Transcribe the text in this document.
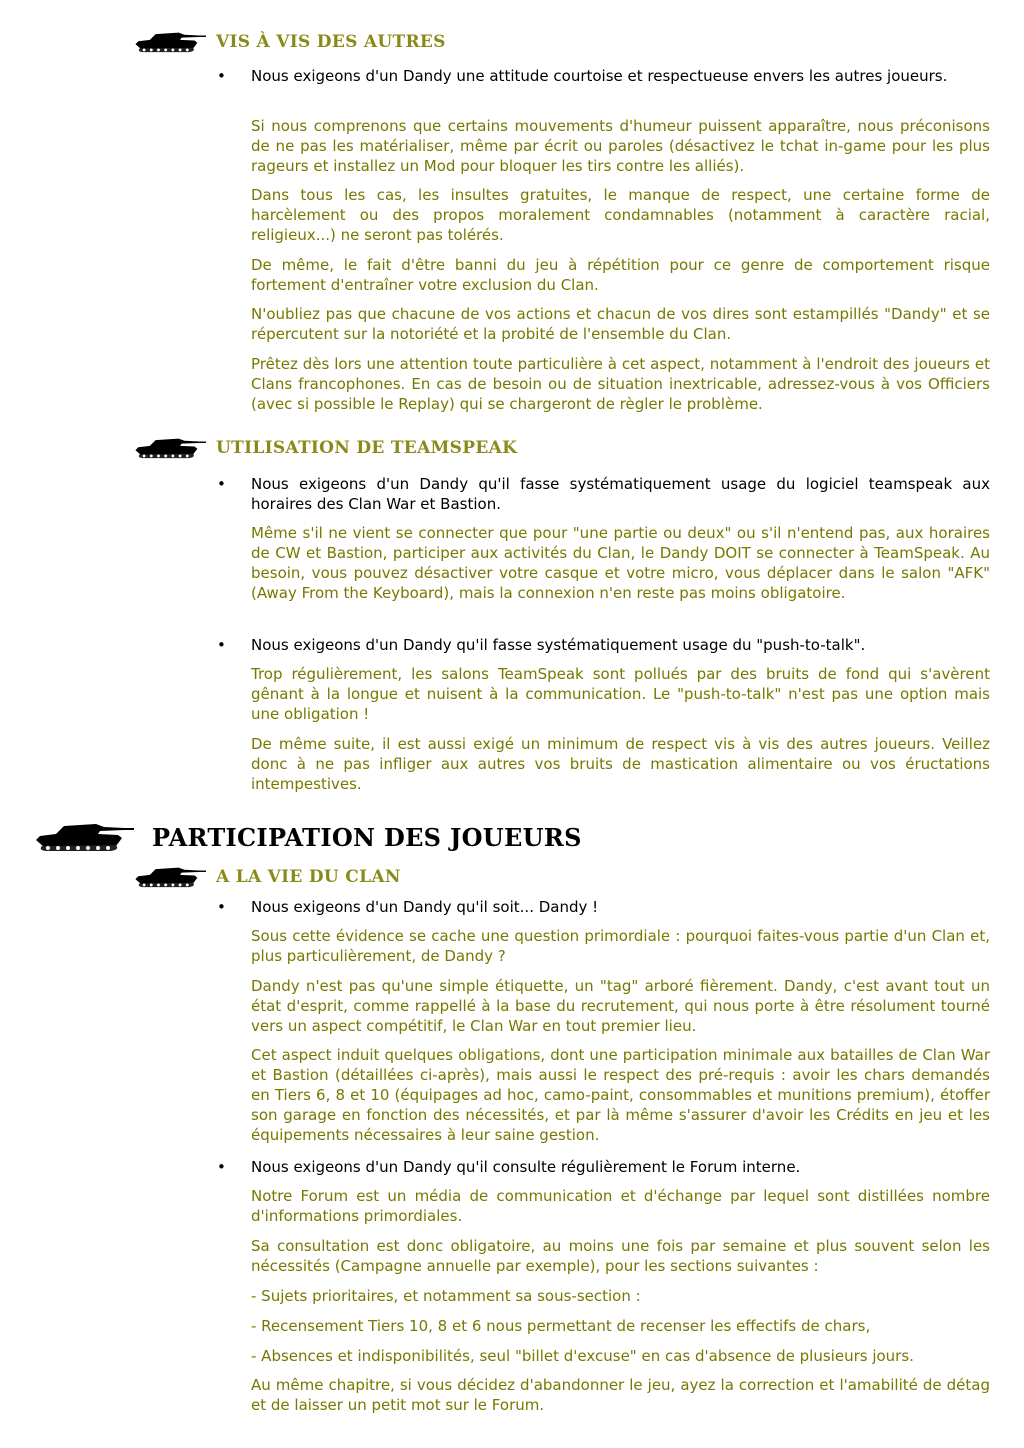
VIS À VIS DES AUTRES
• Nous exigeons d'un Dandy une attitude courtoise et respectueuse envers les autres joueurs.

Si nous comprenons que certains mouvements d'humeur puissent apparaître, nous préconisons de ne pas les matérialiser, même par écrit ou paroles (désactivez le tchat in-game pour les plus rageurs et installez un Mod pour bloquer les tirs contre les alliés).

Dans tous les cas, les insultes gratuites, le manque de respect, une certaine forme de harcèlement ou des propos moralement condamnables (notamment à caractère racial, religieux...) ne seront pas tolérés.

De même, le fait d'être banni du jeu à répétition pour ce genre de comportement risque fortement d'entraîner votre exclusion du Clan.

N'oubliez pas que chacune de vos actions et chacun de vos dires sont estampillés "Dandy" et se répercutent sur la notoriété et la probité de l'ensemble du Clan.

Prêtez dès lors une attention toute particulière à cet aspect, notamment à l'endroit des joueurs et Clans francophones. En cas de besoin ou de situation inextricable, adressez-vous à vos Officiers (avec si possible le Replay) qui se chargeront de règler le problème.

UTILISATION DE TEAMSPEAK
• Nous exigeons d'un Dandy qu'il fasse systématiquement usage du logiciel teamspeak aux horaires des Clan War et Bastion.

Même s'il ne vient se connecter que pour "une partie ou deux" ou s'il n'entend pas, aux horaires de CW et Bastion, participer aux activités du Clan, le Dandy DOIT se connecter à TeamSpeak. Au besoin, vous pouvez désactiver votre casque et votre micro, vous déplacer dans le salon "AFK" (Away From the Keyboard), mais la connexion n'en reste pas moins obligatoire.

• Nous exigeons d'un Dandy qu'il fasse systématiquement usage du "push-to-talk".

Trop régulièrement, les salons TeamSpeak sont pollués par des bruits de fond qui s'avèrent gênant à la longue et nuisent à la communication. Le "push-to-talk" n'est pas une option mais une obligation !

De même suite, il est aussi exigé un minimum de respect vis à vis des autres joueurs. Veillez donc à ne pas infliger aux autres vos bruits de mastication alimentaire ou vos éructations intempestives.

PARTICIPATION DES JOUEURS
A LA VIE DU CLAN
• Nous exigeons d'un Dandy qu'il soit... Dandy !

Sous cette évidence se cache une question primordiale : pourquoi faites-vous partie d'un Clan et, plus particulièrement, de Dandy ?

Dandy n'est pas qu'une simple étiquette, un "tag" arboré fièrement. Dandy, c'est avant tout un état d'esprit, comme rappellé à la base du recrutement, qui nous porte à être résolument tourné vers un aspect compétitif, le Clan War en tout premier lieu.

Cet aspect induit quelques obligations, dont une participation minimale aux batailles de Clan War et Bastion (détaillées ci-après), mais aussi le respect des pré-requis : avoir les chars demandés en Tiers 6, 8 et 10 (équipages ad hoc, camo-paint, consommables et munitions premium), étoffer son garage en fonction des nécessités, et par là même s'assurer d'avoir les Crédits en jeu et les équipements nécessaires à leur saine gestion.

• Nous exigeons d'un Dandy qu'il consulte régulièrement le Forum interne.

Notre Forum est un média de communication et d'échange par lequel sont distillées nombre d'informations primordiales.

Sa consultation est donc obligatoire, au moins une fois par semaine et plus souvent selon les nécessités (Campagne annuelle par exemple), pour les sections suivantes :

- Sujets prioritaires, et notamment sa sous-section :

- Recensement Tiers 10, 8 et 6 nous permettant de recenser les effectifs de chars,

- Absences et indisponibilités, seul "billet d'excuse" en cas d'absence de plusieurs jours.

Au même chapitre, si vous décidez d'abandonner le jeu, ayez la correction et l'amabilité de détag et de laisser un petit mot sur le Forum.
